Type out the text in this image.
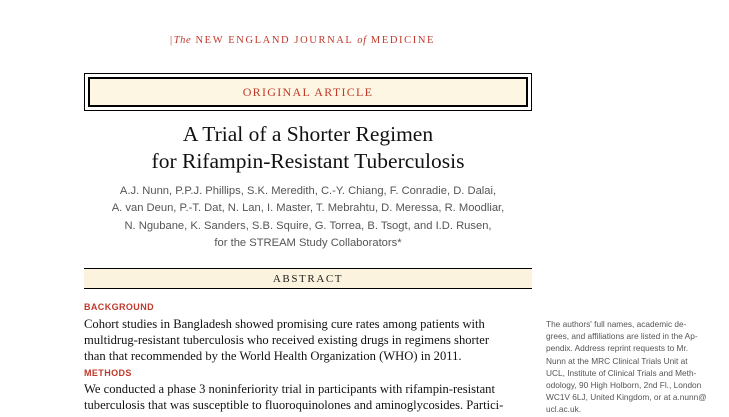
|The NEW ENGLAND JOURNAL of MEDICINE
ORIGINAL ARTICLE
A Trial of a Shorter Regimen
for Rifampin-Resistant Tuberculosis
A.J. Nunn, P.P.J. Phillips, S.K. Meredith, C.-Y. Chiang, F. Conradie, D. Dalai,
A. van Deun, P.-T. Dat, N. Lan, I. Master, T. Mebrahtu, D. Meressa, R. Moodliar,
N. Ngubane, K. Sanders, S.B. Squire, G. Torrea, B. Tsogt, and I.D. Rusen,
for the STREAM Study Collaborators*
ABSTRACT
BACKGROUND
Cohort studies in Bangladesh showed promising cure rates among patients with
multidrug-resistant tuberculosis who received existing drugs in regimens shorter
than that recommended by the World Health Organization (WHO) in 2011.
METHODS
We conducted a phase 3 noninferiority trial in participants with rifampin-resistant
tuberculosis that was susceptible to fluoroquinolones and aminoglycosides. Partici-
The authors' full names, academic de-
grees, and affiliations are listed in the Ap-
pendix. Address reprint requests to Mr.
Nunn at the MRC Clinical Trials Unit at
UCL, Institute of Clinical Trials and Meth-
odology, 90 High Holborn, 2nd Fl., London
WC1V 6LJ, United Kingdom, or at a.nunn@
ucl.ac.uk.
